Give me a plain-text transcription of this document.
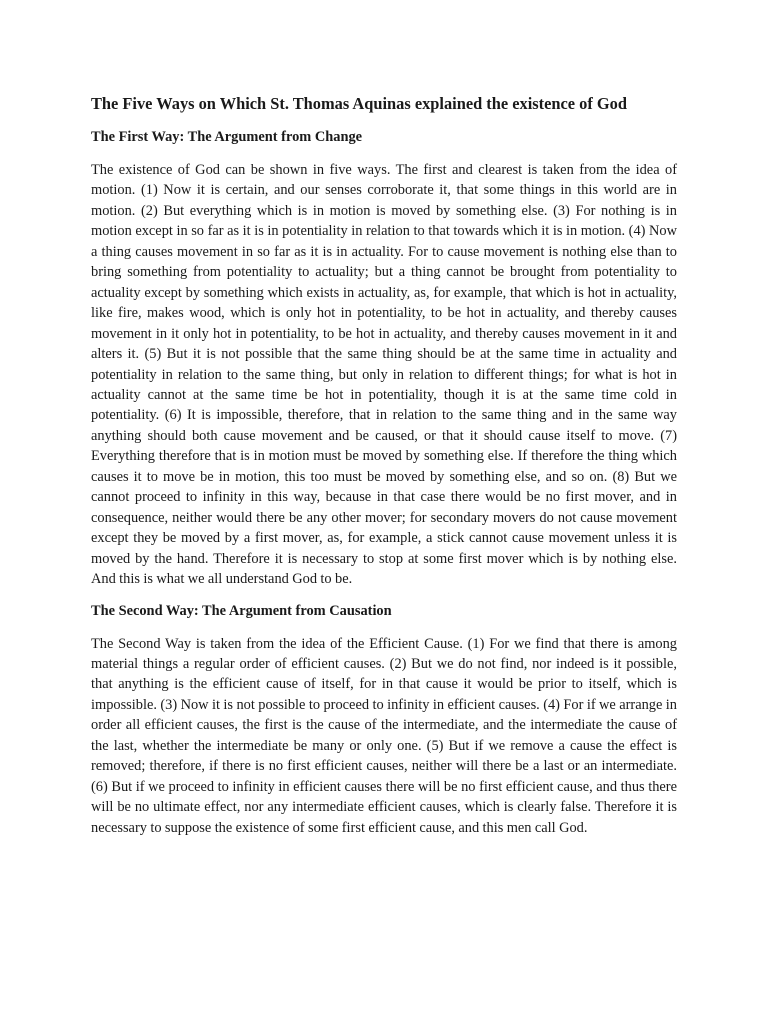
The Five Ways on Which St. Thomas Aquinas explained the existence of God
The First Way: The Argument from Change

The existence of God can be shown in five ways. The first and clearest is taken from the idea of motion. (1) Now it is certain, and our senses corroborate it, that some things in this world are in motion. (2) But everything which is in motion is moved by something else. (3) For nothing is in motion except in so far as it is in potentiality in relation to that towards which it is in motion. (4) Now a thing causes movement in so far as it is in actuality. For to cause movement is nothing else than to bring something from potentiality to actuality; but a thing cannot be brought from potentiality to actuality except by something which exists in actuality, as, for example, that which is hot in actuality, like fire, makes wood, which is only hot in potentiality, to be hot in actuality, and thereby causes movement in it only hot in potentiality, to be hot in actuality, and thereby causes movement in it and alters it. (5) But it is not possible that the same thing should be at the same time in actuality and potentiality in relation to the same thing, but only in relation to different things; for what is hot in actuality cannot at the same time be hot in potentiality, though it is at the same time cold in potentiality. (6) It is impossible, therefore, that in relation to the same thing and in the same way anything should both cause movement and be caused, or that it should cause itself to move. (7) Everything therefore that is in motion must be moved by something else. If therefore the thing which causes it to move be in motion, this too must be moved by something else, and so on. (8) But we cannot proceed to infinity in this way, because in that case there would be no first mover, and in consequence, neither would there be any other mover; for secondary movers do not cause movement except they be moved by a first mover, as, for example, a stick cannot cause movement unless it is moved by the hand. Therefore it is necessary to stop at some first mover which is by nothing else. And this is what we all understand God to be.

The Second Way: The Argument from Causation

The Second Way is taken from the idea of the Efficient Cause. (1) For we find that there is among material things a regular order of efficient causes. (2) But we do not find, nor indeed is it possible, that anything is the efficient cause of itself, for in that cause it would be prior to itself, which is impossible. (3) Now it is not possible to proceed to infinity in efficient causes. (4) For if we arrange in order all efficient causes, the first is the cause of the intermediate, and the intermediate the cause of the last, whether the intermediate be many or only one. (5) But if we remove a cause the effect is removed; therefore, if there is no first efficient causes, neither will there be a last or an intermediate. (6) But if we proceed to infinity in efficient causes there will be no first efficient cause, and thus there will be no ultimate effect, nor any intermediate efficient causes, which is clearly false. Therefore it is necessary to suppose the existence of some first efficient cause, and this men call God.
